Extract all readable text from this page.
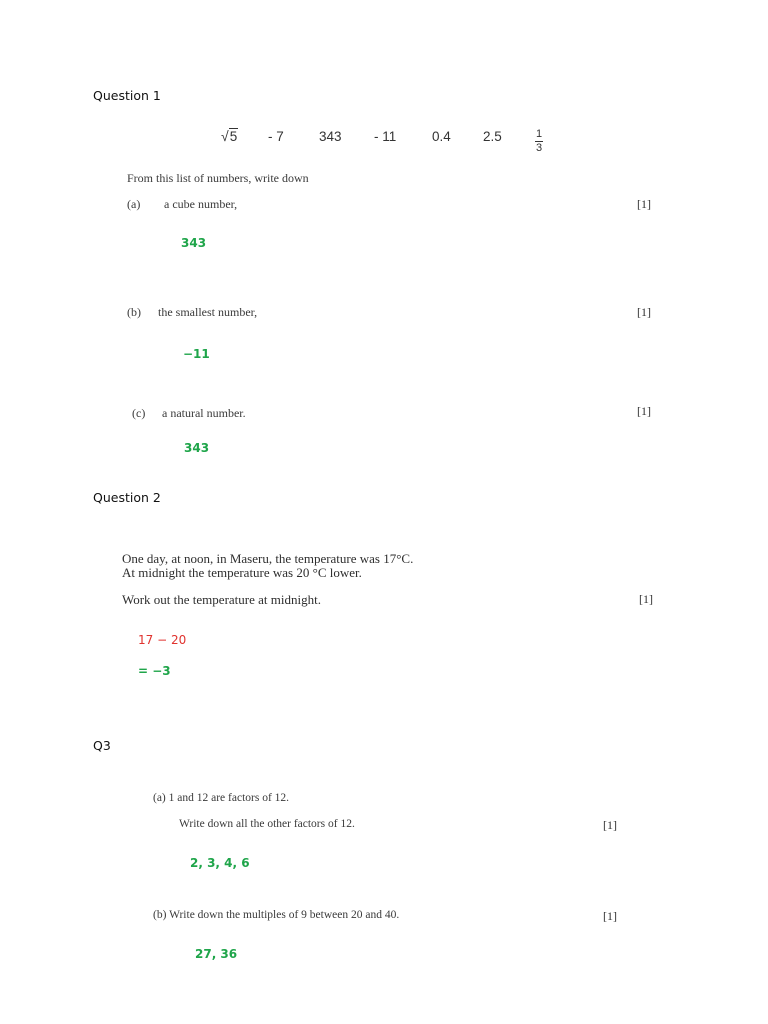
Question 1
√5 - 7	343 - 11	0.4 2.5	$\frac{1}{3}$
From this list of numbers, write down
(a) a cube number,	[1]
343
(b) the smallest number,	[1]
−11
(c) a natural number.	[1]
343
Question 2
One day, at noon, in Maseru, the temperature was 17°C.
At midnight the temperature was 20 °C lower.
Work out the temperature at midnight.	[1]
17 − 20
= −3
Q3
(a) 1 and 12 are factors of 12.
Write down all the other factors of 12.	[1]
2, 3, 4, 6
(b) Write down the multiples of 9 between 20 and 40.	[1]
27, 36
